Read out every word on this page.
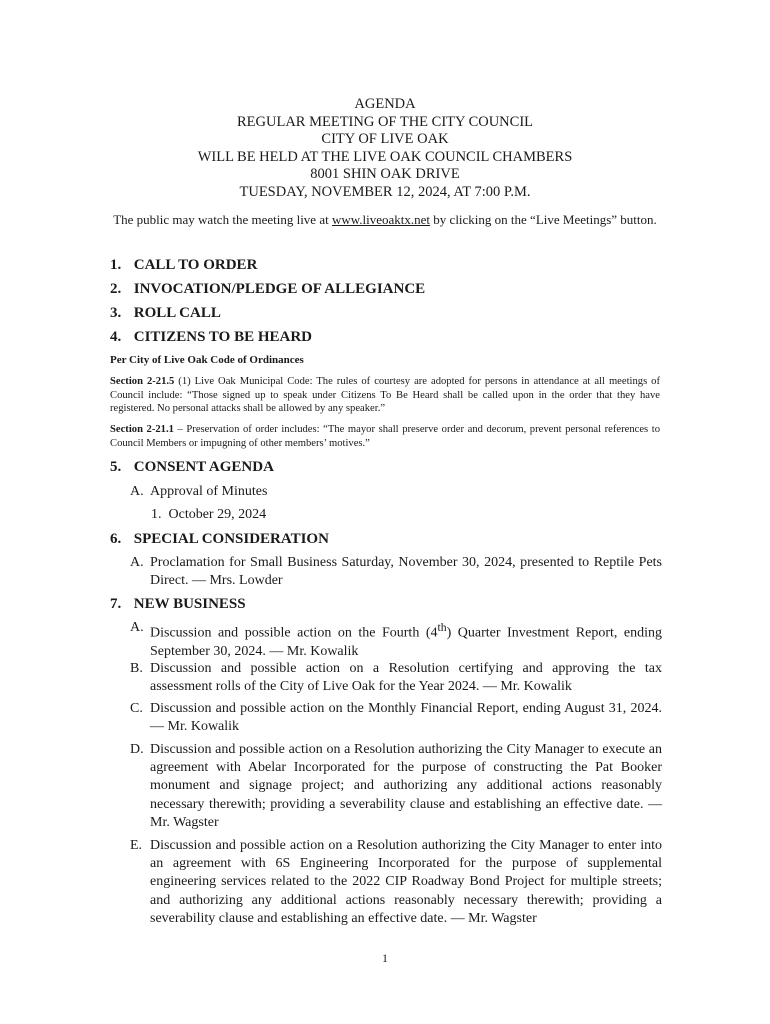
AGENDA
REGULAR MEETING OF THE CITY COUNCIL
CITY OF LIVE OAK
WILL BE HELD AT THE LIVE OAK COUNCIL CHAMBERS
8001 SHIN OAK DRIVE
TUESDAY, NOVEMBER 12, 2024, AT 7:00 P.M.
The public may watch the meeting live at www.liveoaktx.net by clicking on the “Live Meetings” button.
1. CALL TO ORDER
2. INVOCATION/PLEDGE OF ALLEGIANCE
3. ROLL CALL
4. CITIZENS TO BE HEARD
Per City of Live Oak Code of Ordinances
Section 2-21.5 (1) Live Oak Municipal Code: The rules of courtesy are adopted for persons in attendance at all meetings of Council include: “Those signed up to speak under Citizens To Be Heard shall be called upon in the order that they have registered. No personal attacks shall be allowed by any speaker.”
Section 2-21.1 – Preservation of order includes: “The mayor shall preserve order and decorum, prevent personal references to Council Members or impugning of other members’ motives.”
5. CONSENT AGENDA
A. Approval of Minutes
1. October 29, 2024
6. SPECIAL CONSIDERATION
A. Proclamation for Small Business Saturday, November 30, 2024, presented to Reptile Pets Direct. — Mrs. Lowder
7. NEW BUSINESS
A. Discussion and possible action on the Fourth (4th) Quarter Investment Report, ending September 30, 2024. — Mr. Kowalik
B. Discussion and possible action on a Resolution certifying and approving the tax assessment rolls of the City of Live Oak for the Year 2024. — Mr. Kowalik
C. Discussion and possible action on the Monthly Financial Report, ending August 31, 2024. — Mr. Kowalik
D. Discussion and possible action on a Resolution authorizing the City Manager to execute an agreement with Abelar Incorporated for the purpose of constructing the Pat Booker monument and signage project; and authorizing any additional actions reasonably necessary therewith; providing a severability clause and establishing an effective date. — Mr. Wagster
E. Discussion and possible action on a Resolution authorizing the City Manager to enter into an agreement with 6S Engineering Incorporated for the purpose of supplemental engineering services related to the 2022 CIP Roadway Bond Project for multiple streets; and authorizing any additional actions reasonably necessary therewith; providing a severability clause and establishing an effective date. — Mr. Wagster
1
